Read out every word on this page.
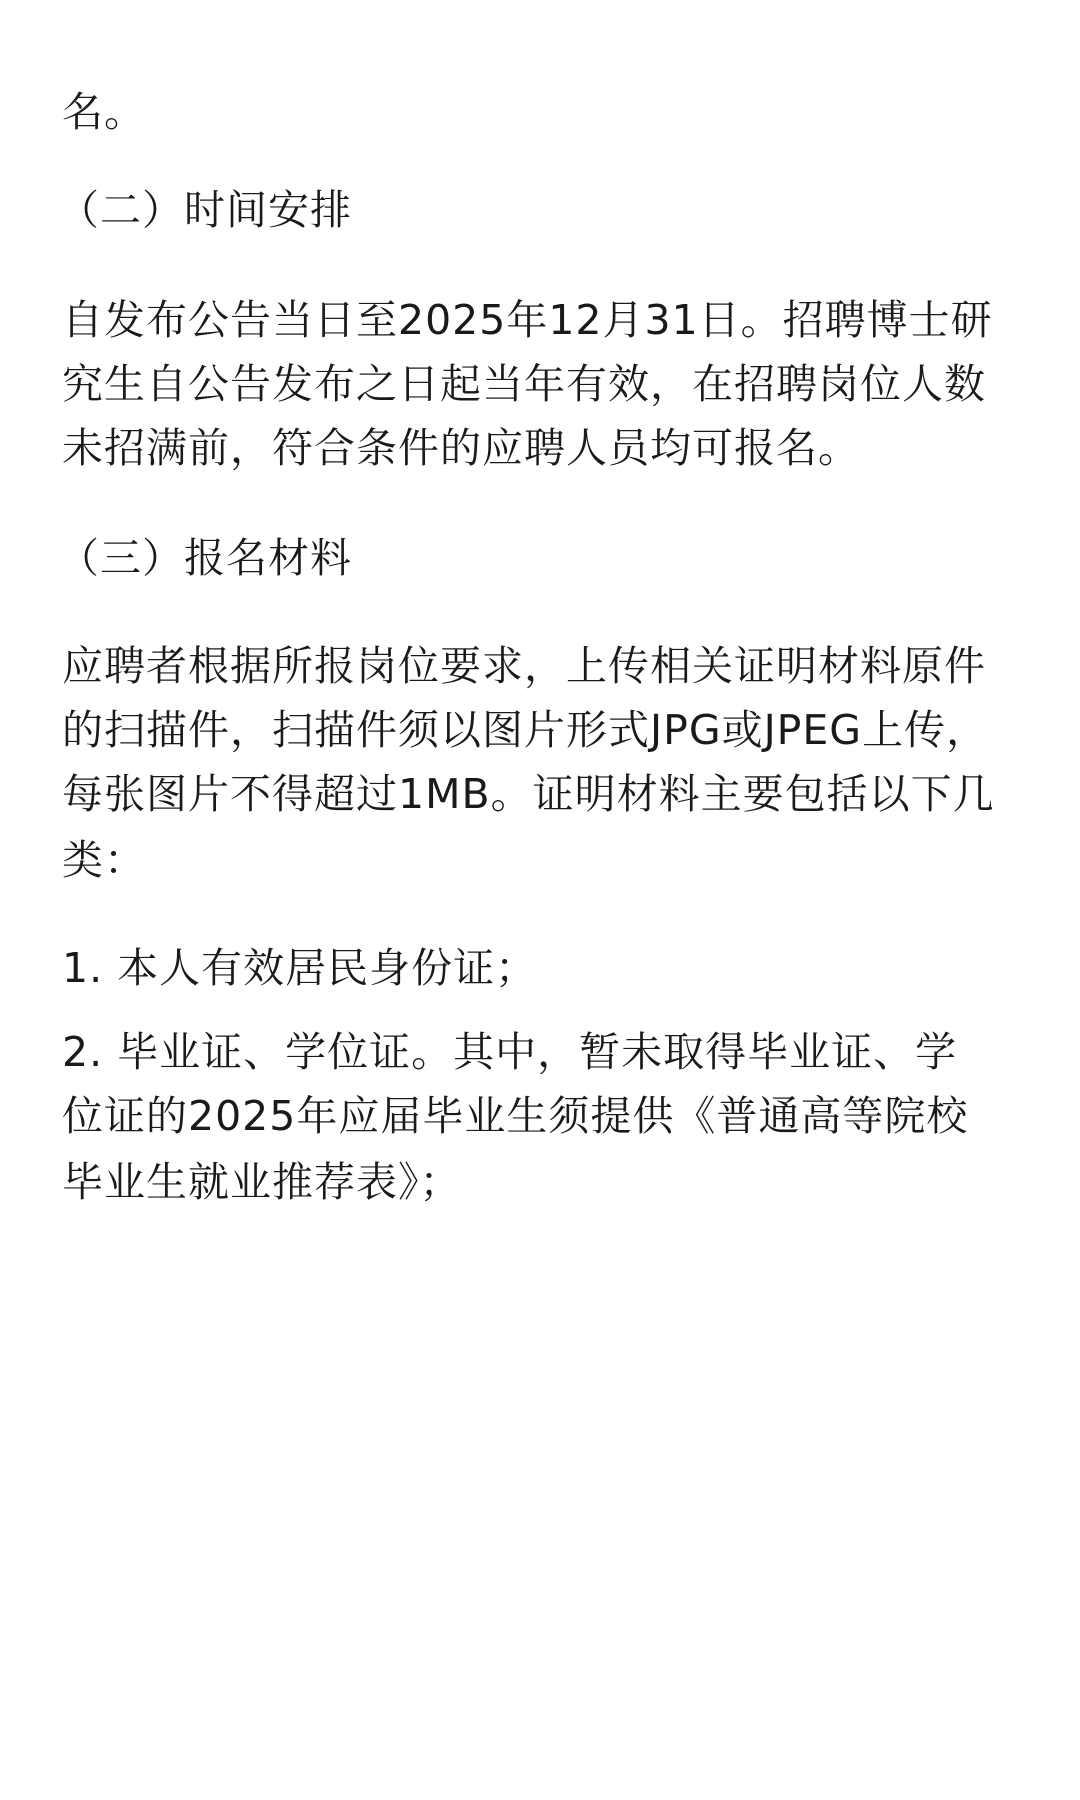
名。

（二）时间安排

自发布公告当日至2025年12月31日。招聘博士研

究生自公告发布之日起当年有效，在招聘岗位人数

未招满前，符合条件的应聘人员均可报名。

（三）报名材料

应聘者根据所报岗位要求，上传相关证明材料原件

的扫描件，扫描件须以图片形式JPG或JPEG上传，

每张图片不得超过1MB。证明材料主要包括以下几

类：

1. 本人有效居民身份证；

2. 毕业证、学位证。其中，暂未取得毕业证、学

位证的2025年应届毕业生须提供《普通高等院校

毕业生就业推荐表》；
